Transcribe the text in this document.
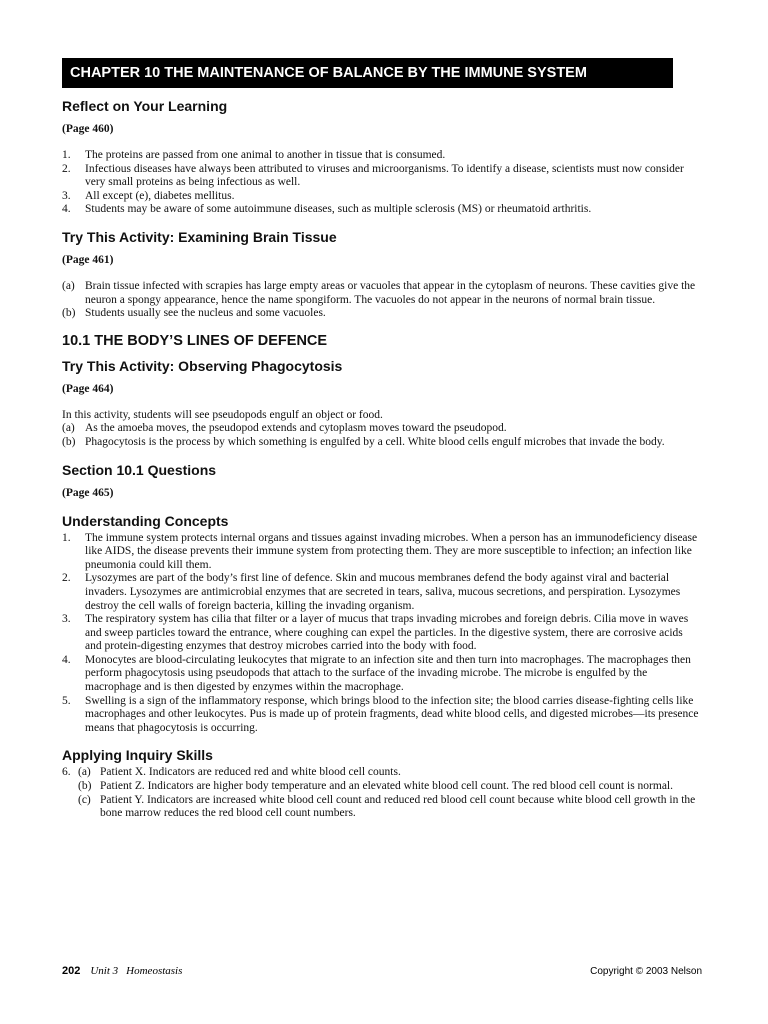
CHAPTER 10 THE MAINTENANCE OF BALANCE BY THE IMMUNE SYSTEM
Reflect on Your Learning
(Page 460)
1.	The proteins are passed from one animal to another in tissue that is consumed.
2.	Infectious diseases have always been attributed to viruses and microorganisms. To identify a disease, scientists must now consider very small proteins as being infectious as well.
3.	All except (e), diabetes mellitus.
4.	Students may be aware of some autoimmune diseases, such as multiple sclerosis (MS) or rheumatoid arthritis.
Try This Activity: Examining Brain Tissue
(Page 461)
(a) Brain tissue infected with scrapies has large empty areas or vacuoles that appear in the cytoplasm of neurons. These cavities give the neuron a spongy appearance, hence the name spongiform. The vacuoles do not appear in the neurons of normal brain tissue.
(b) Students usually see the nucleus and some vacuoles.
10.1 THE BODY’S LINES OF DEFENCE
Try This Activity: Observing Phagocytosis
(Page 464)

In this activity, students will see pseudopods engulf an object or food.

(a) As the amoeba moves, the pseudopod extends and cytoplasm moves toward the pseudopod.
(b) Phagocytosis is the process by which something is engulfed by a cell. White blood cells engulf microbes that invade the body.
Section 10.1 Questions
(Page 465)
Understanding Concepts
1.	The immune system protects internal organs and tissues against invading microbes. When a person has an immunodeficiency disease like AIDS, the disease prevents their immune system from protecting them. They are more susceptible to infection; an infection like pneumonia could kill them.
2.	Lysozymes are part of the body’s first line of defence. Skin and mucous membranes defend the body against viral and bacterial invaders. Lysozymes are antimicrobial enzymes that are secreted in tears, saliva, mucous secretions, and perspiration. Lysozymes destroy the cell walls of foreign bacteria, killing the invading organism.
3.	The respiratory system has cilia that filter or a layer of mucus that traps invading microbes and foreign debris. Cilia move in waves and sweep particles toward the entrance, where coughing can expel the particles. In the digestive system, there are corrosive acids and protein-digesting enzymes that destroy microbes carried into the body with food.
4.	Monocytes are blood-circulating leukocytes that migrate to an infection site and then turn into macrophages. The macrophages then perform phagocytosis using pseudopods that attach to the surface of the invading microbe. The microbe is engulfed by the macrophage and is then digested by enzymes within the macrophage.
5.	Swelling is a sign of the inflammatory response, which brings blood to the infection site; the blood carries disease-fighting cells like macrophages and other leukocytes. Pus is made up of protein fragments, dead white blood cells, and digested microbes—its presence means that phagocytosis is occurring.
Applying Inquiry Skills
6. (a) Patient X. Indicators are reduced red and white blood cell counts.
(b) Patient Z. Indicators are higher body temperature and an elevated white blood cell count. The red blood cell count is normal.
(c) Patient Y. Indicators are increased white blood cell count and reduced red blood cell count because white blood cell growth in the bone marrow reduces the red blood cell count numbers.
202 Unit 3 Homeostasis	Copyright © 2003 Nelson
